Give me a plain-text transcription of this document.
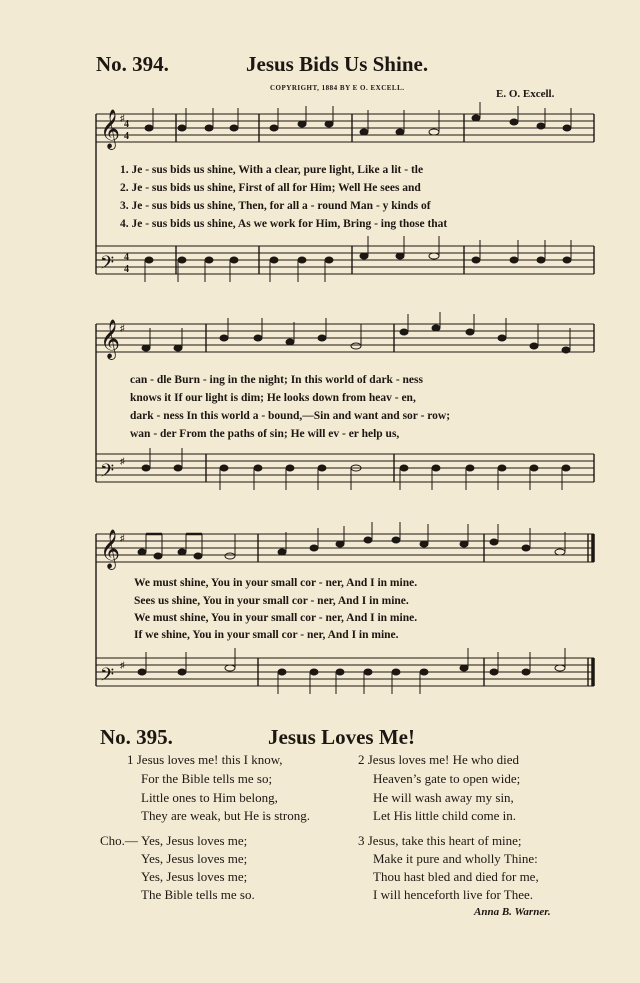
No. 394.	Jesus Bids Us Shine.
COPYRIGHT, 1884 BY E O. EXCELL.	E. O. Excell.
𝄞
𝄢
♯
4
4
4
4
1. Je - sus bids us shine, With a clear, pure light, Like a lit - tle
2. Je - sus bids us shine, First of all for Him; Well He sees and
3. Je - sus bids us shine, Then, for all a - round Man - y kinds of
4. Je - sus bids us shine, As we work for Him, Bring - ing those that
𝄞
𝄢
♯
♯
can - dle Burn - ing in the night; In this world of dark - ness
knows it If our light is dim; He looks down from heav - en,
dark - ness In this world a - bound,—Sin and want and sor - row;
wan - der From the paths of sin; He will ev - er help us,
𝄞
𝄢
♯
♯
We must shine, You in your small cor - ner, And I in mine.
Sees us shine, You in your small cor - ner, And I in mine.
We must shine, You in your small cor - ner, And I in mine.
If we shine, You in your small cor - ner, And I in mine.
No. 395.	Jesus Loves Me!
1 Jesus loves me! this I know,
For the Bible tells me so;
Little ones to Him belong,
They are weak, but He is strong.
2 Jesus loves me! He who died
Heaven’s gate to open wide;
He will wash away my sin,
Let His little child come in.
Cho.— Yes, Jesus loves me;
Yes, Jesus loves me;
Yes, Jesus loves me;
The Bible tells me so.
3 Jesus, take this heart of mine;
Make it pure and wholly Thine:
Thou hast bled and died for me,
I will henceforth live for Thee.
Anna B. Warner.
